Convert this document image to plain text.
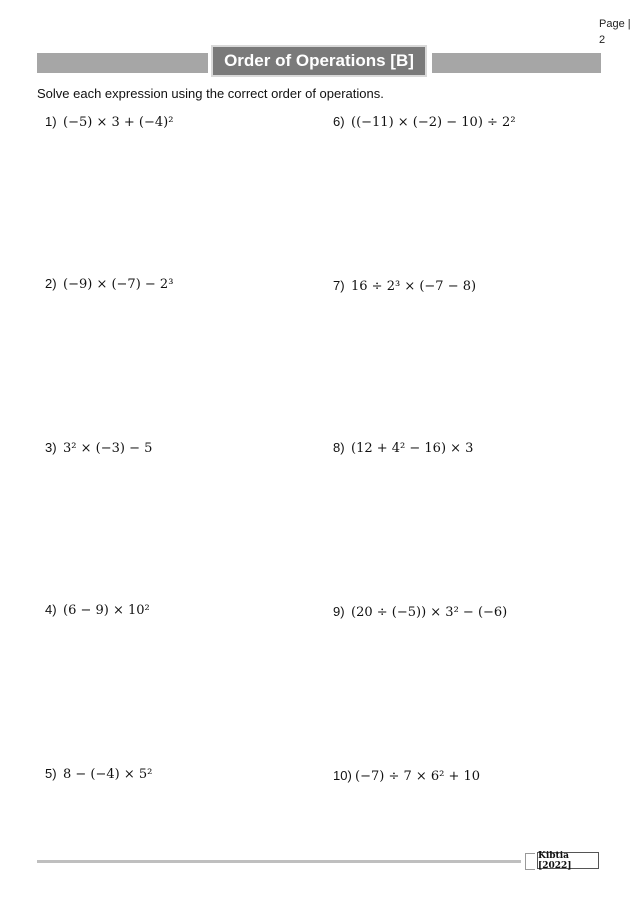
Page |
2
Order of Operations [B]
Solve each expression using the correct order of operations.
1) (−5) × 3 + (−4)²
2) (−9) × (−7) − 2³
3) 3² × (−3) − 5
4) (6 − 9) × 10²
5) 8 − (−4) × 5²
6) ((−11) × (−2) − 10) ÷ 2²
7) 16 ÷ 2³ × (−7 − 8)
8) (12 + 4² − 16) × 3
9) (20 ÷ (−5)) × 3² − (−6)
10) (−7) ÷ 7 × 6² + 10
Kibtia [2022]
